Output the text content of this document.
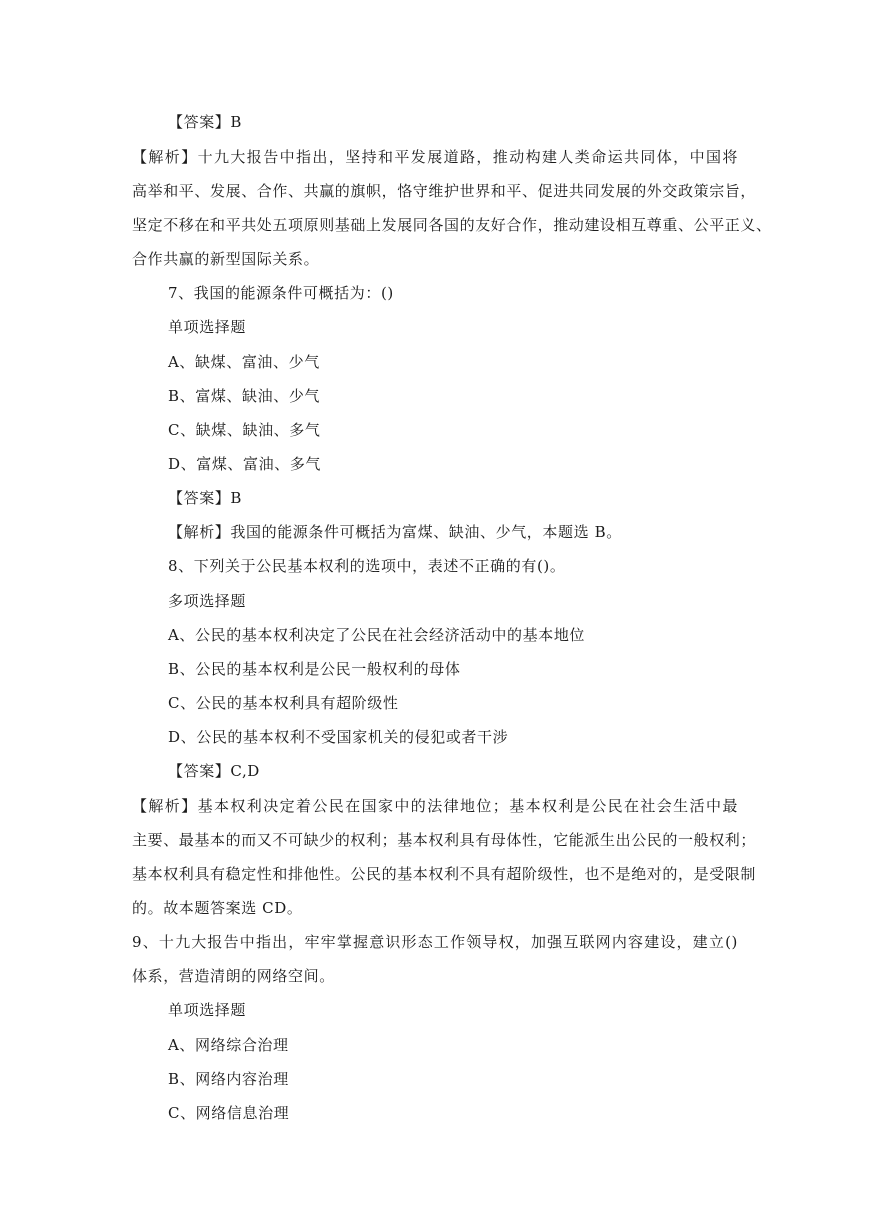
【答案】B
【解析】十九大报告中指出，坚持和平发展道路，推动构建人类命运共同体，中国将
高举和平、发展、合作、共赢的旗帜，恪守维护世界和平、促进共同发展的外交政策宗旨，
坚定不移在和平共处五项原则基础上发展同各国的友好合作，推动建设相互尊重、公平正义、
合作共赢的新型国际关系。
7、我国的能源条件可概括为：()
单项选择题
A、缺煤、富油、少气
B、富煤、缺油、少气
C、缺煤、缺油、多气
D、富煤、富油、多气
【答案】B
【解析】我国的能源条件可概括为富煤、缺油、少气，本题选 B。
8、下列关于公民基本权利的选项中，表述不正确的有()。
多项选择题
A、公民的基本权利决定了公民在社会经济活动中的基本地位
B、公民的基本权利是公民一般权利的母体
C、公民的基本权利具有超阶级性
D、公民的基本权利不受国家机关的侵犯或者干涉
【答案】C,D
【解析】基本权利决定着公民在国家中的法律地位；基本权利是公民在社会生活中最
主要、最基本的而又不可缺少的权利；基本权利具有母体性，它能派生出公民的一般权利；
基本权利具有稳定性和排他性。公民的基本权利不具有超阶级性，也不是绝对的，是受限制
的。故本题答案选 CD。
9、十九大报告中指出，牢牢掌握意识形态工作领导权，加强互联网内容建设，建立()
体系，营造清朗的网络空间。
单项选择题
A、网络综合治理
B、网络内容治理
C、网络信息治理
